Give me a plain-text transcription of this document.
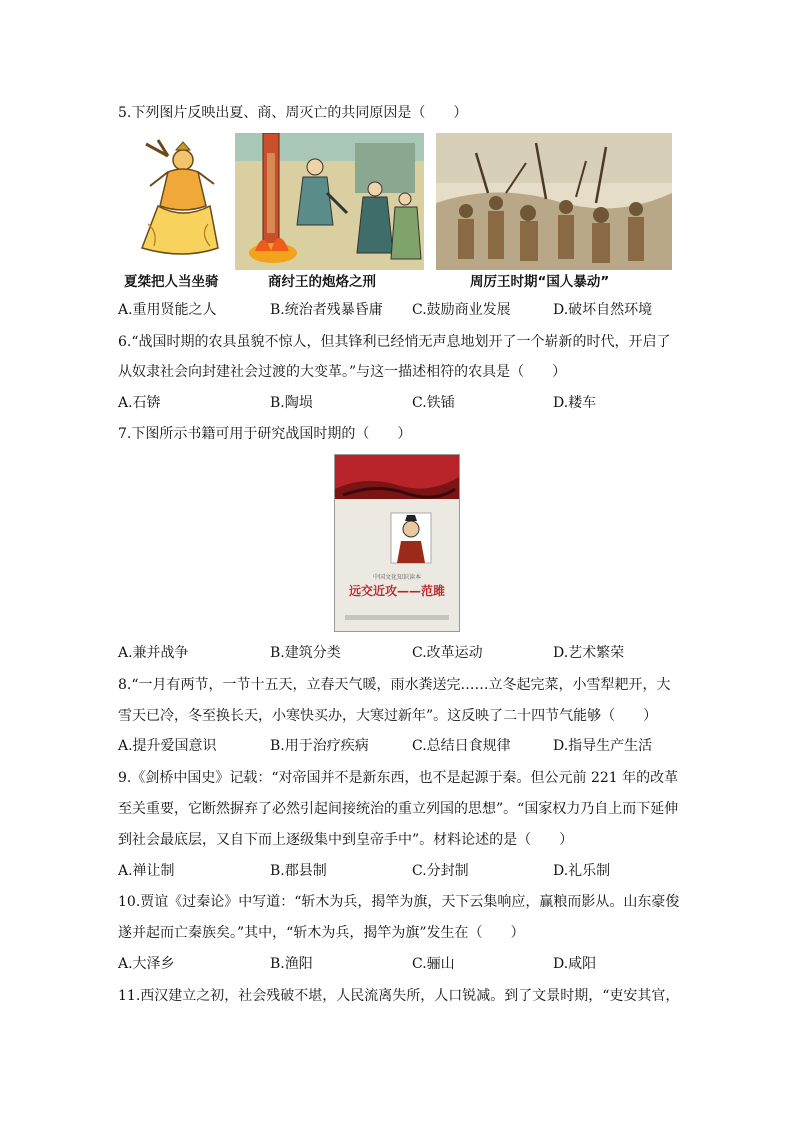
5.下列图片反映出夏、商、周灭亡的共同原因是（　　）
夏桀把人当坐骑	商纣王的炮烙之刑	周厉王时期“国人暴动”
A.重用贤能之人	B.统治者残暴昏庸 C.鼓励商业发展	D.破坏自然环境
6.“战国时期的农具虽貌不惊人，但其锋利已经悄无声息地划开了一个崭新的时代，开启了
从奴隶社会向封建社会过渡的大变革。”与这一描述相符的农具是（　　）
A.石锛	B.陶埙	C.铁锸	D.耧车
7.下图所示书籍可用于研究战国时期的（　　）
中国文化知识读本
远交近攻——范雎
A.兼并战争	B.建筑分类	C.改革运动	D.艺术繁荣
8.“一月有两节，一节十五天，立春天气暖，雨水粪送完……立冬起完菜，小雪犁耙开，大
雪天已冷，冬至换长天，小寒快买办，大寒过新年”。这反映了二十四节气能够（　　）
A.提升爱国意识	B.用于治疗疾病	C.总结日食规律	D.指导生产生活
9.《剑桥中国史》记载：“对帝国并不是新东西，也不是起源于秦。但公元前 221 年的改革
至关重要，它断然摒弃了必然引起间接统治的重立列国的思想”。“国家权力乃自上而下延伸
到社会最底层，又自下而上逐级集中到皇帝手中”。材料论述的是（　　）
A.禅让制	B.郡县制	C.分封制	D.礼乐制
10.贾谊《过秦论》中写道：“斩木为兵，揭竿为旗，天下云集响应，赢粮而影从。山东豪俊
遂并起而亡秦族矣。”其中，“斩木为兵，揭竿为旗”发生在（　　）
A.大泽乡	B.渔阳	C.骊山	D.咸阳
11.西汉建立之初，社会残破不堪，人民流离失所，人口锐减。到了文景时期，“吏安其官，
